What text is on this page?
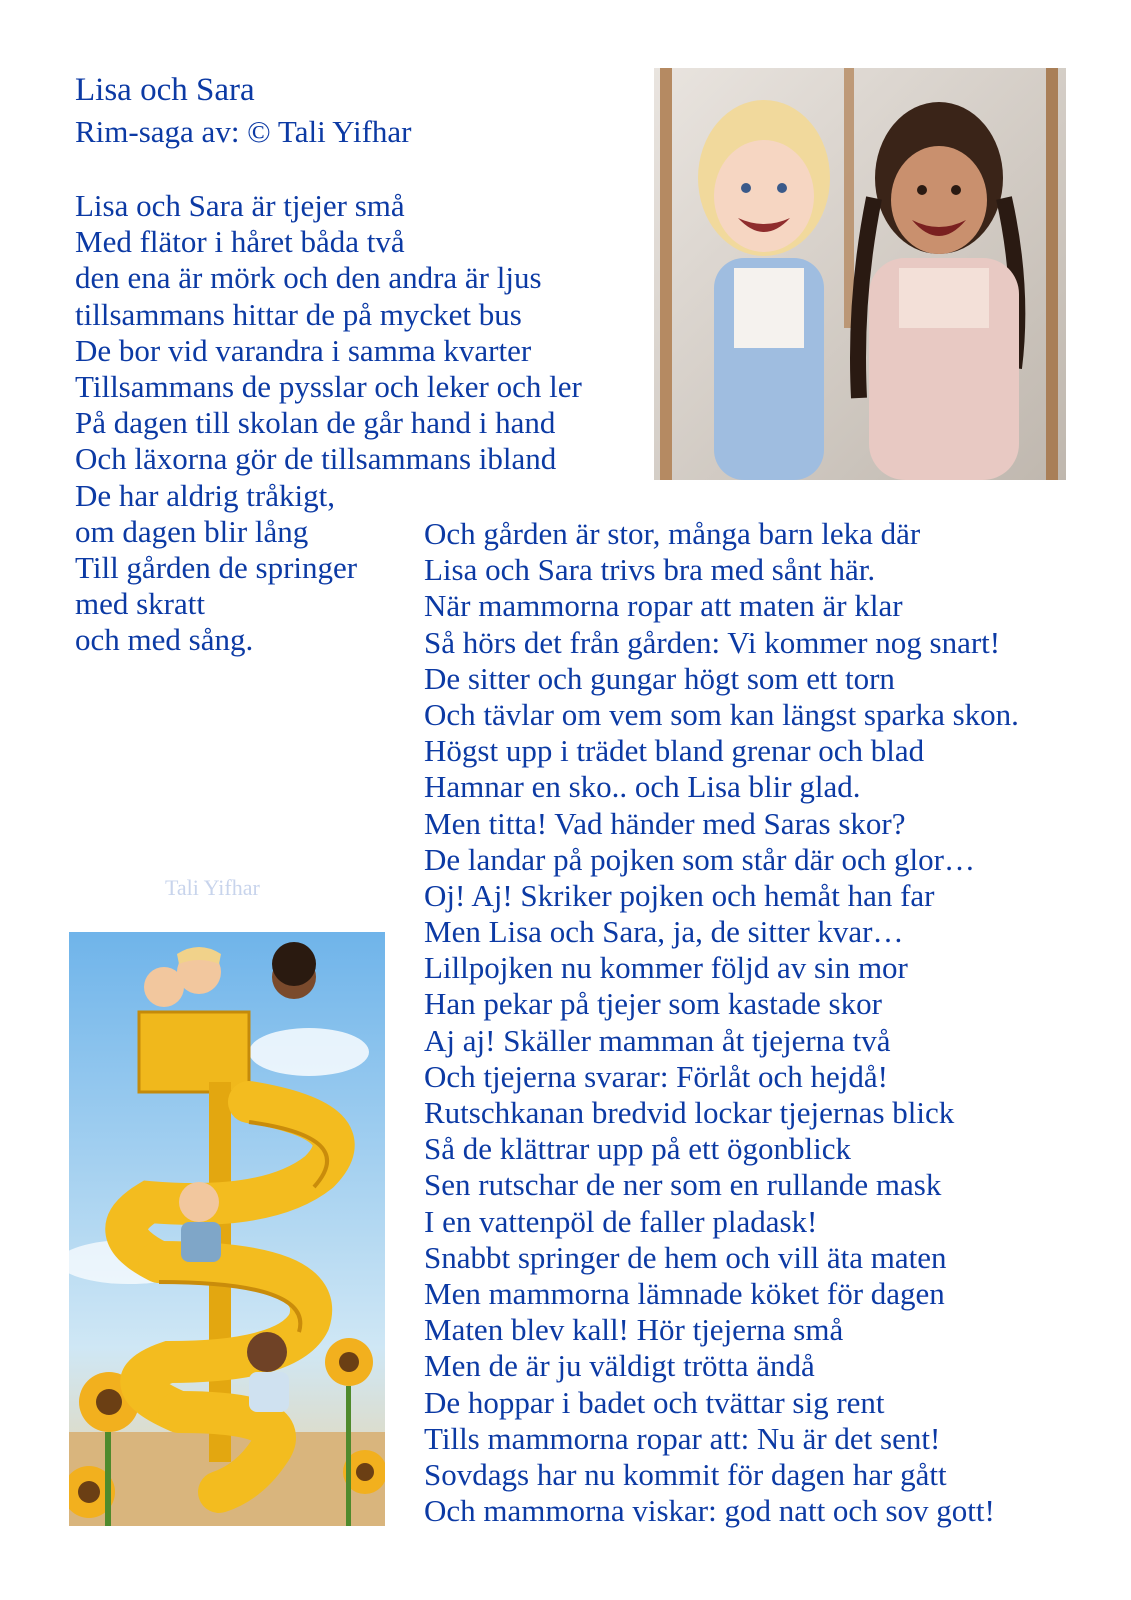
Lisa och Sara
Rim-saga av: © Tali Yifhar
Lisa och Sara är tjejer små
Med flätor i håret båda två
den ena är mörk och den andra är ljus
tillsammans hittar de på mycket bus
De bor vid varandra i samma kvarter
Tillsammans de pysslar och leker och ler
På dagen till skolan de går hand i hand
Och läxorna gör de tillsammans ibland
De har aldrig tråkigt,
om dagen blir lång
Till gården de springer
med skratt
och med sång.
Och gården är stor, många barn leka där
Lisa och Sara trivs bra med sånt här.
När mammorna ropar att maten är klar
Så hörs det från gården: Vi kommer nog snart!
De sitter och gungar högt som ett torn
Och tävlar om vem som kan längst sparka skon.
Högst upp i trädet bland grenar och blad
Hamnar en sko.. och Lisa blir glad.
Men titta! Vad händer med Saras skor?
De landar på pojken som står där och glor…
Oj! Aj! Skriker pojken och hemåt han far
Men Lisa och Sara, ja, de sitter kvar…
Lillpojken nu kommer följd av sin mor
Han pekar på tjejer som kastade skor
Aj aj! Skäller mamman åt tjejerna två
Och tjejerna svarar: Förlåt och hejdå!
Rutschkanan bredvid lockar tjejernas blick
Så de klättrar upp på ett ögonblick
Sen rutschar de ner som en rullande mask
I en vattenpöl de faller pladask!
Snabbt springer de hem och vill äta maten
Men mammorna lämnade köket för dagen
Maten blev kall! Hör tjejerna små
Men de är ju väldigt trötta ändå
De hoppar i badet och tvättar sig rent
Tills mammorna ropar att: Nu är det sent!
Sovdags har nu kommit för dagen har gått
Och mammorna viskar: god natt och sov gott!
Tali Yifhar
